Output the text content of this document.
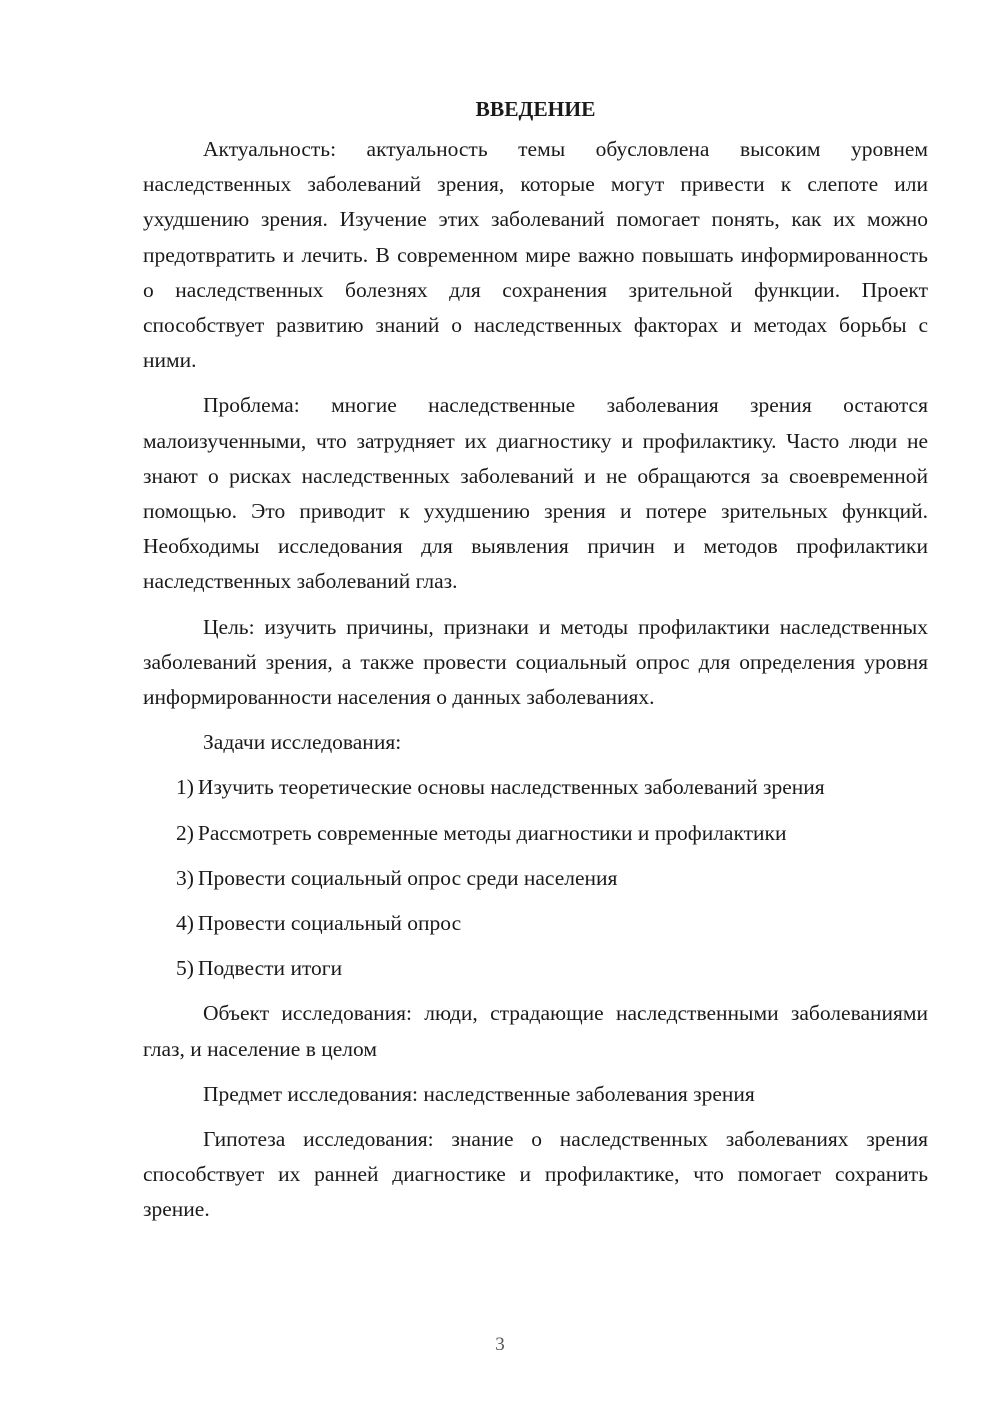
ВВЕДЕНИЕ

Актуальность: актуальность темы обусловлена высоким уровнем наследственных заболеваний зрения, которые могут привести к слепоте или ухудшению зрения. Изучение этих заболеваний помогает понять, как их можно предотвратить и лечить. В современном мире важно повышать информированность о наследственных болезнях для сохранения зрительной функции. Проект способствует развитию знаний о наследственных факторах и методах борьбы с ними.

Проблема: многие наследственные заболевания зрения остаются малоизученными, что затрудняет их диагностику и профилактику. Часто люди не знают о рисках наследственных заболеваний и не обращаются за своевременной помощью. Это приводит к ухудшению зрения и потере зрительных функций. Необходимы исследования для выявления причин и методов профилактики наследственных заболеваний глаз.

Цель: изучить причины, признаки и методы профилактики наследственных заболеваний зрения, а также провести социальный опрос для определения уровня информированности населения о данных заболеваниях.

Задачи исследования:

1) Изучить теоретические основы наследственных заболеваний зрения
2) Рассмотреть современные методы диагностики и профилактики
3) Провести социальный опрос среди населения
4) Провести социальный опрос
5) Подвести итоги

Объект исследования: люди, страдающие наследственными заболеваниями глаз, и население в целом

Предмет исследования: наследственные заболевания зрения

Гипотеза исследования: знание о наследственных заболеваниях зрения способствует их ранней диагностике и профилактике, что помогает сохранить зрение.

3
